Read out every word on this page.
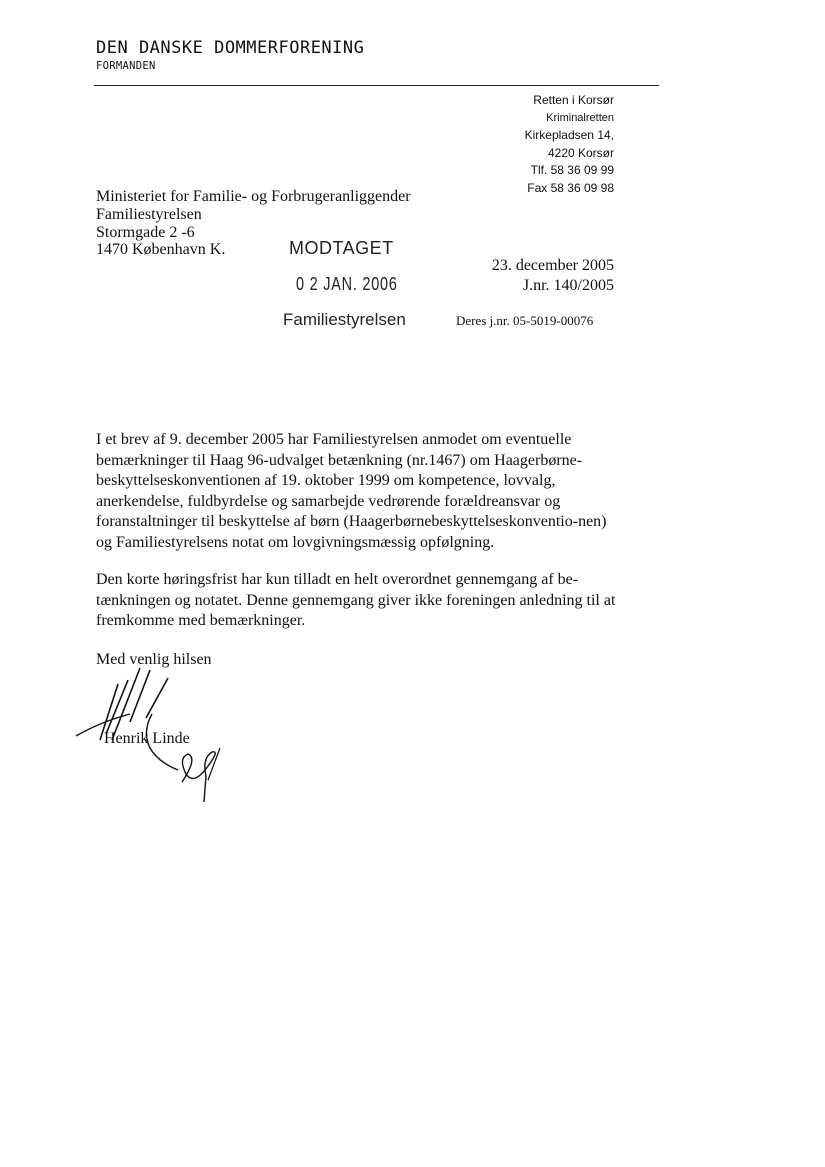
DEN DANSKE DOMMERFORENING
FORMANDEN
Retten i Korsør
Kriminalretten
Kirkepladsen 14,
4220 Korsør
Tlf. 58 36 09 99
Fax 58 36 09 98
Ministeriet for Familie- og Forbrugeranliggender
Familiestyrelsen
Stormgade 2 -6
1470 København K.	MODTAGET
0 2 JAN. 2006
Familiestyrelsen
23. december 2005
J.nr. 140/2005
Deres j.nr. 05-5019-00076
I et brev af 9. december 2005 har Familiestyrelsen anmodet om eventuelle bemærkninger til Haag 96-udvalget betænkning (nr.1467) om Haagerbørne-beskyttelseskonventionen af 19. oktober 1999 om kompetence, lovvalg, anerkendelse, fuldbyrdelse og samarbejde vedrørende forældreansvar og foranstaltninger til beskyttelse af børn (Haagerbørnebeskyttelseskonventio-nen) og Familiestyrelsens notat om lovgivningsmæssig opfølgning.
Den korte høringsfrist har kun tilladt en helt overordnet gennemgang af be-tænkningen og notatet. Denne gennemgang giver ikke foreningen anledning til at fremkomme med bemærkninger.
Med venlig hilsen
Henrik Linde
